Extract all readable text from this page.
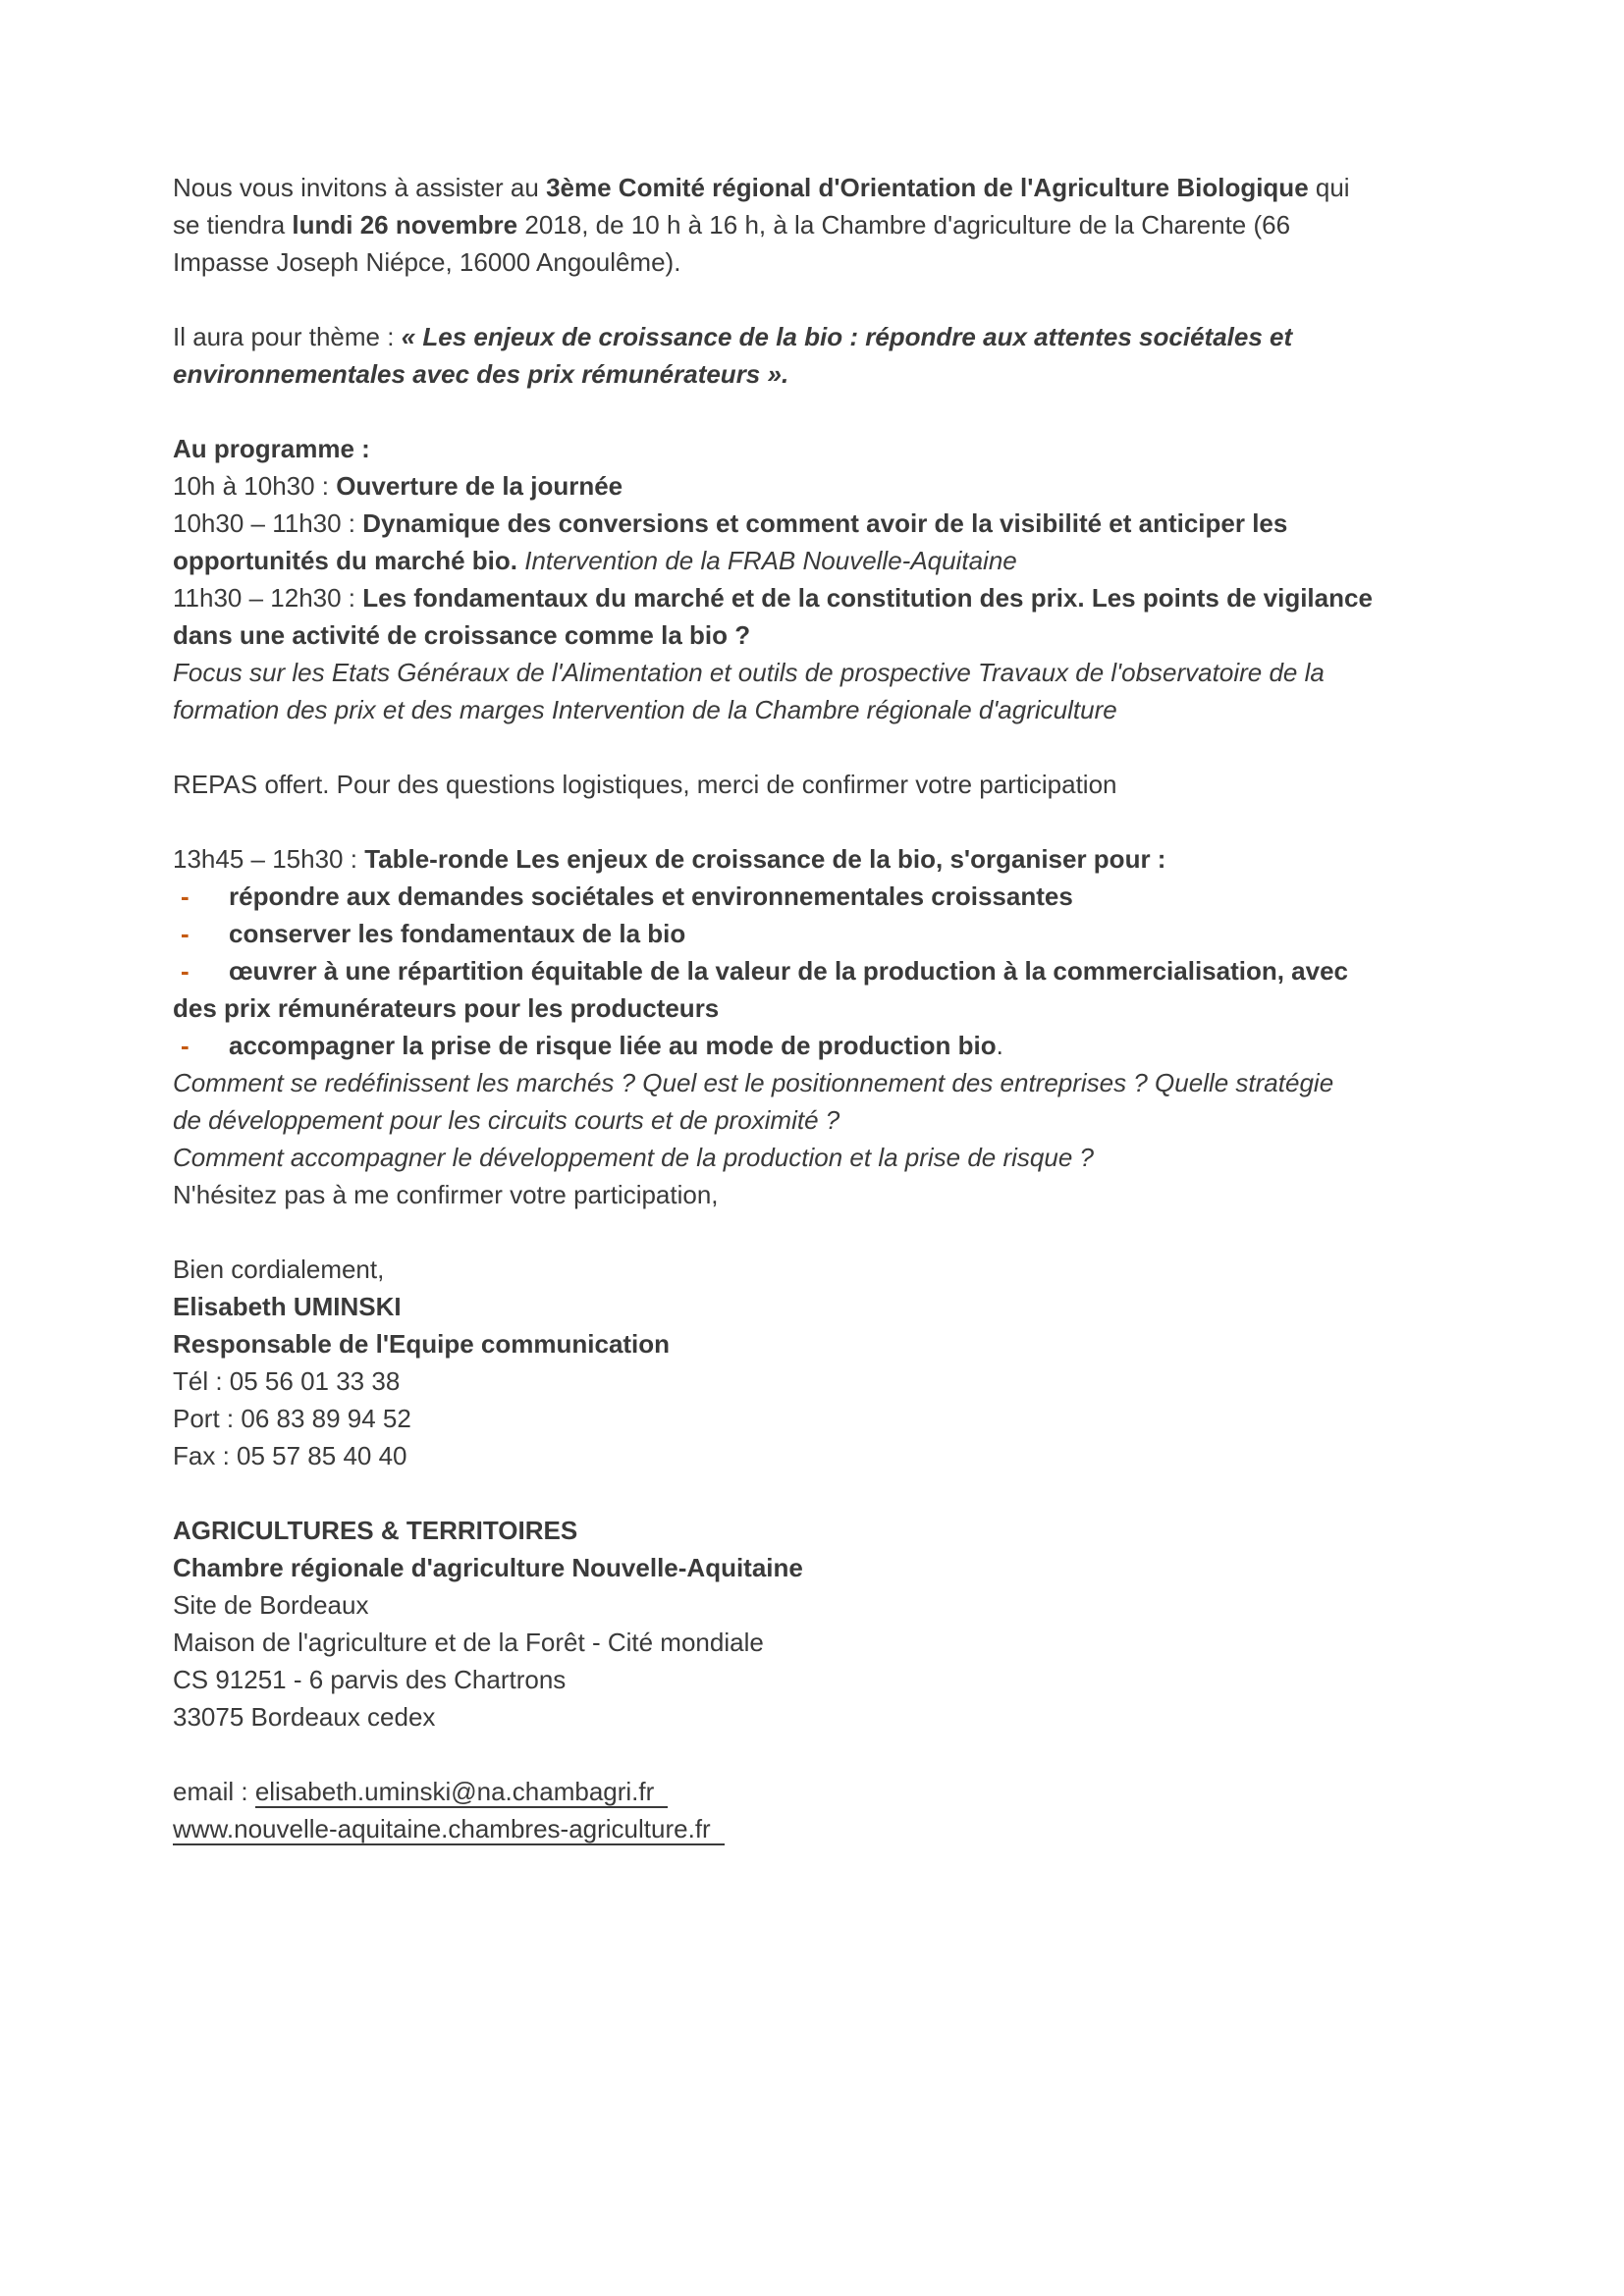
Nous vous invitons à assister au 3ème Comité régional d'Orientation de l'Agriculture Biologique qui
se tiendra lundi 26 novembre 2018, de 10 h à 16 h, à la Chambre d'agriculture de la Charente (66
Impasse Joseph Niépce, 16000 Angoulême).
Il aura pour thème : « Les enjeux de croissance de la bio : répondre aux attentes sociétales et
environnementales avec des prix rémunérateurs ».
Au programme :
10h à 10h30 : Ouverture de la journée
10h30 – 11h30 : Dynamique des conversions et comment avoir de la visibilité et anticiper les
opportunités du marché bio. Intervention de la FRAB Nouvelle-Aquitaine
11h30 – 12h30 : Les fondamentaux du marché et de la constitution des prix. Les points de vigilance
dans une activité de croissance comme la bio ?
Focus sur les Etats Généraux de l'Alimentation et outils de prospective Travaux de l'observatoire de la
formation des prix et des marges Intervention de la Chambre régionale d'agriculture
REPAS offert. Pour des questions logistiques, merci de confirmer votre participation
13h45 – 15h30 : Table-ronde Les enjeux de croissance de la bio, s'organiser pour :
-	répondre aux demandes sociétales et environnementales croissantes
-	conserver les fondamentaux de la bio
-	œuvrer à une répartition équitable de la valeur de la production à la commercialisation, avec
des prix rémunérateurs pour les producteurs
-	accompagner la prise de risque liée au mode de production bio.
Comment se redéfinissent les marchés ? Quel est le positionnement des entreprises ? Quelle stratégie
de développement pour les circuits courts et de proximité ?
Comment accompagner le développement de la production et la prise de risque ?
N'hésitez pas à me confirmer votre participation,
Bien cordialement,
Elisabeth UMINSKI
Responsable de l'Equipe communication
Tél : 05 56 01 33 38
Port : 06 83 89 94 52
Fax : 05 57 85 40 40
AGRICULTURES & TERRITOIRES
Chambre régionale d'agriculture Nouvelle-Aquitaine
Site de Bordeaux
Maison de l'agriculture et de la Forêt - Cité mondiale
CS 91251 - 6 parvis des Chartrons
33075 Bordeaux cedex
email : elisabeth.uminski@na.chambagri.fr
www.nouvelle-aquitaine.chambres-agriculture.fr
